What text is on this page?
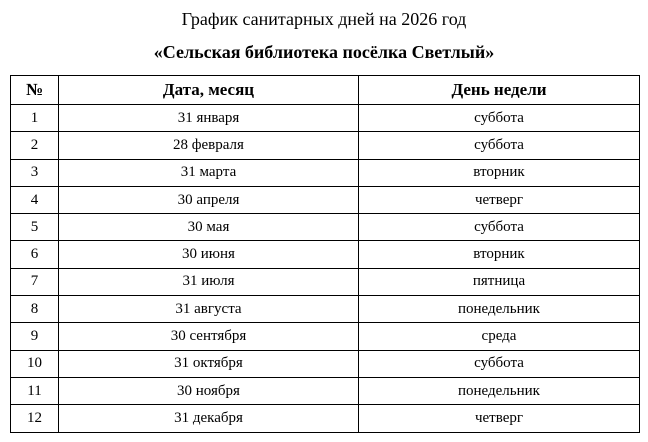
График санитарных дней на 2026 год
«Сельская библиотека посёлка Светлый»
№	Дата, месяц	День недели
1	31 января	суббота
2	28 февраля	суббота
3	31 марта	вторник
4	30 апреля	четверг
5	30 мая	суббота
6	30 июня	вторник
7	31 июля	пятница
8	31 августа	понедельник
9	30 сентября	среда
10	31 октября	суббота
11	30 ноября	понедельник
12	31 декабря	четверг
